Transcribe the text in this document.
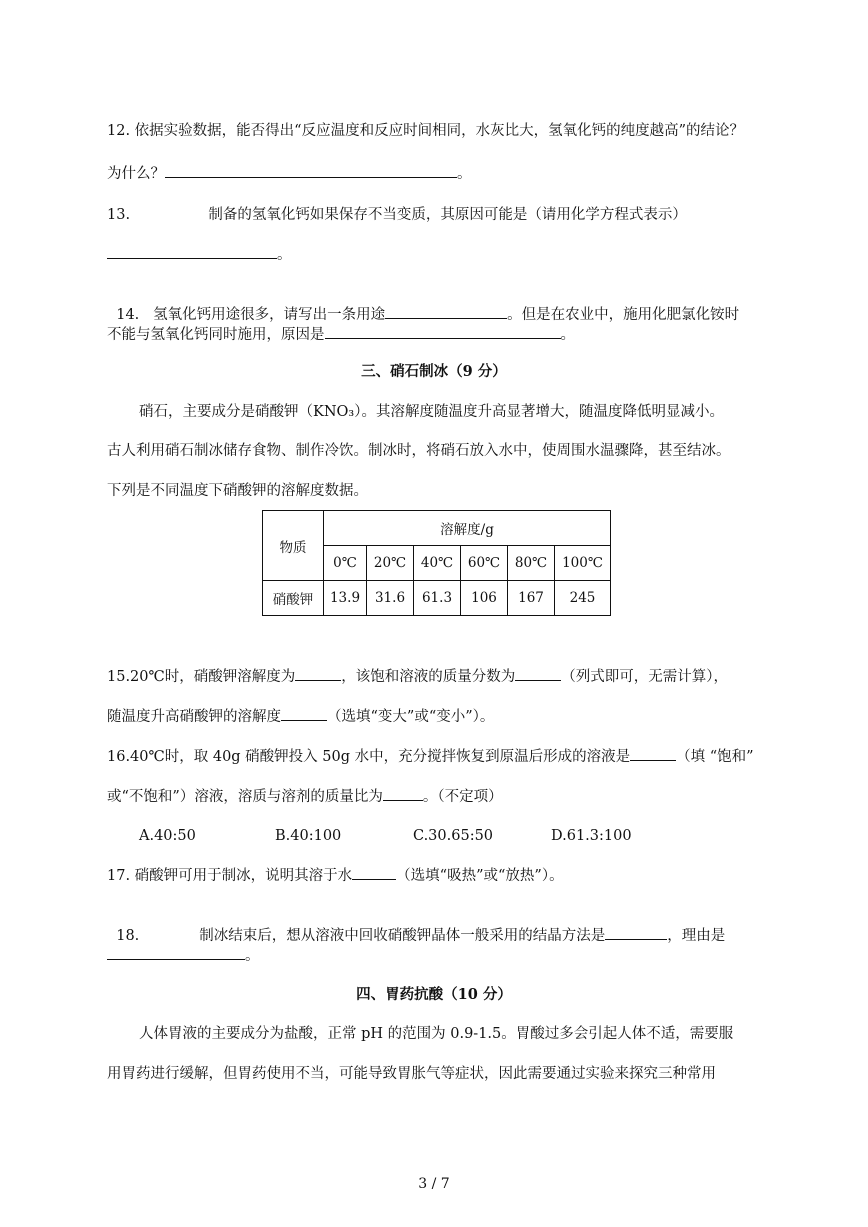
12. 依据实验数据，能否得出“反应温度和反应时间相同，水灰比大，氢氧化钙的纯度越高”的结论？
为什么？	。
13.                 制备的氢氧化钙如果保存不当变质，其原因可能是（请用化学方程式表示）
。

14.   氢氧化钙用途很多，请写出一条用途	。但是在农业中，施用化肥氯化铵时

不能与氢氧化钙同时施用，原因是	。
三、硝石制冰（9 分）
硝石，主要成分是硝酸钾（KNO₃）。其溶解度随温度升高显著增大，随温度降低明显减小。
古人利用硝石制冰储存食物、制作冷饮。制冰时，将硝石放入水中，使周围水温骤降，甚至结冰。
下列是不同温度下硝酸钾的溶解度数据。
物质	溶解度/g					
	0℃	20℃	40℃	60℃	80℃	100℃
硝酸钾	13.9	31.6	61.3	106	167	245
15.20℃时，硝酸钾溶解度为	，该饱和溶液的质量分数为	（列式即可，无需计算），
随温度升高硝酸钾的溶解度	（选填“变大”或“变小”）。
16.40℃时，取 40g 硝酸钾投入 50g 水中，充分搅拌恢复到原温后形成的溶液是	（填 “饱和”
或“不饱和”）溶液，溶质与溶剂的质量比为	。（不定项）
A.40:50	B.40:100	C.30.65:50	D.61.3:100
17. 硝酸钾可用于制冰，说明其溶于水	（选填“吸热”或“放热”）。

18.             制冰结束后，想从溶液中回收硝酸钾晶体一般采用的结晶方法是	，理由是

。
四、胃药抗酸（10 分）
人体胃液的主要成分为盐酸，正常 pH 的范围为 0.9-1.5。胃酸过多会引起人体不适，需要服
用胃药进行缓解，但胃药使用不当，可能导致胃胀气等症状，因此需要通过实验来探究三种常用
3 / 7
